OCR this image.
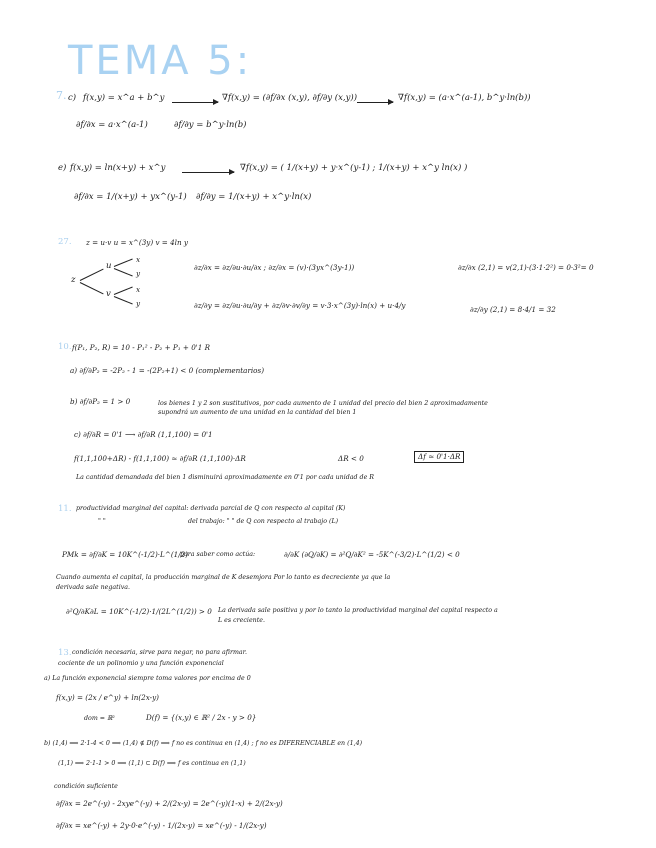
TEMA 5:
7. c) f(x,y) = x^a + b^y	∇f(x,y) = (∂f/∂x (x,y), ∂f/∂y (x,y))	∇f(x,y) = (a·x^(a-1), b^y·ln(b))
∂f/∂x = a·x^(a-1)	∂f/∂y = b^y·ln(b)
e) f(x,y) = ln(x+y) + x^y	∇f(x,y) = ( 1/(x+y) + y·x^(y-1) ; 1/(x+y) + x^y ln(x) )
∂f/∂x = 1/(x+y) + yx^(y-1) ∂f/∂y = 1/(x+y) + x^y·ln(x)
27. z = u·v u = x^(3y) v = 4ln y
z
u
v
x
y
x
y
∂z/∂x = ∂z/∂u·∂u/∂x ; ∂z/∂x = (v)·(3yx^(3y-1))	∂z/∂x (2,1) = v(2,1)·(3·1·2²) = 0·3²= 0
∂z/∂y = ∂z/∂u·∂u/∂y + ∂z/∂v·∂v/∂y = v·3·x^(3y)·ln(x) + u·4/y	∂z/∂y (2,1) = 8·4/1 = 32
10. f(P₁, P₂, R) = 10 - P₁² - P₂ + P₁ + 0'1 R
a) ∂f/∂P₂ = -2P₂ - 1 = -(2P₂+1) < 0 (complementarios)
b) ∂f/∂P₂ = 1 > 0	los bienes 1 y 2 son sustitutivos, por cada aumento de 1 unidad del precio del bien 2 aproximadamente
supondrá un aumento de una unidad en la cantidad del bien 1
c) ∂f/∂R = 0'1 ⟶ ∂f/∂R (1,1,100) = 0'1
f(1,1,100+ΔR) - f(1,1,100) ≃ ∂f/∂R (1,1,100)·ΔR	ΔR < 0	Δf ≃ 0'1·ΔR
La cantidad demandada del bien 1 disminuirá aproximadamente en 0'1 por cada unidad de R
11. productividad marginal del capital: derivada parcial de Q con respecto al capital (K)
" "	del trabajo: " " de Q con respecto al trabajo (L)
PMk = ∂f/∂K = 10K^(-1/2)·L^(1/2)
para saber como actúa:	∂/∂K (∂Q/∂K) = ∂²Q/∂K² = -5K^(-3/2)·L^(1/2) < 0
Cuando aumenta el capital, la producción marginal de K desemjora Por lo tanto es decreciente ya que la
derivada sale negativa.
∂²Q/∂K∂L = 10K^(-1/2)·1/(2L^(1/2)) > 0 La derivada sale positiva y por lo tanto la productividad marginal del capital respecto a
L es creciente.
13. condición necesaria, sirve para negar, no para afirmar.
cociente de un polinomio y una función exponencial
a) La función exponencial siempre toma valores por encima de 0
f(x,y) = (2x / e^y) + ln(2x-y)
dom = ℝ²	D(f) = {(x,y) ∈ ℝ² / 2x - y > 0}
b) (1,4) ⟹ 2·1-4 < 0 ⟹ (1,4) ∉ D(f) ⟹ f no es continua en (1,4) ; f no es DIFERENCIABLE en (1,4)
(1,1) ⟹ 2·1-1 > 0 ⟹ (1,1) ⊂ D(f) ⟹ f es continua en (1,1)
condición suficiente
∂f/∂x = 2e^(-y) - 2xye^(-y) + 2/(2x-y) = 2e^(-y)(1-x) + 2/(2x-y)
∂f/∂x = xe^(-y) + 2y·0·e^(-y) - 1/(2x-y) = xe^(-y) - 1/(2x-y)
